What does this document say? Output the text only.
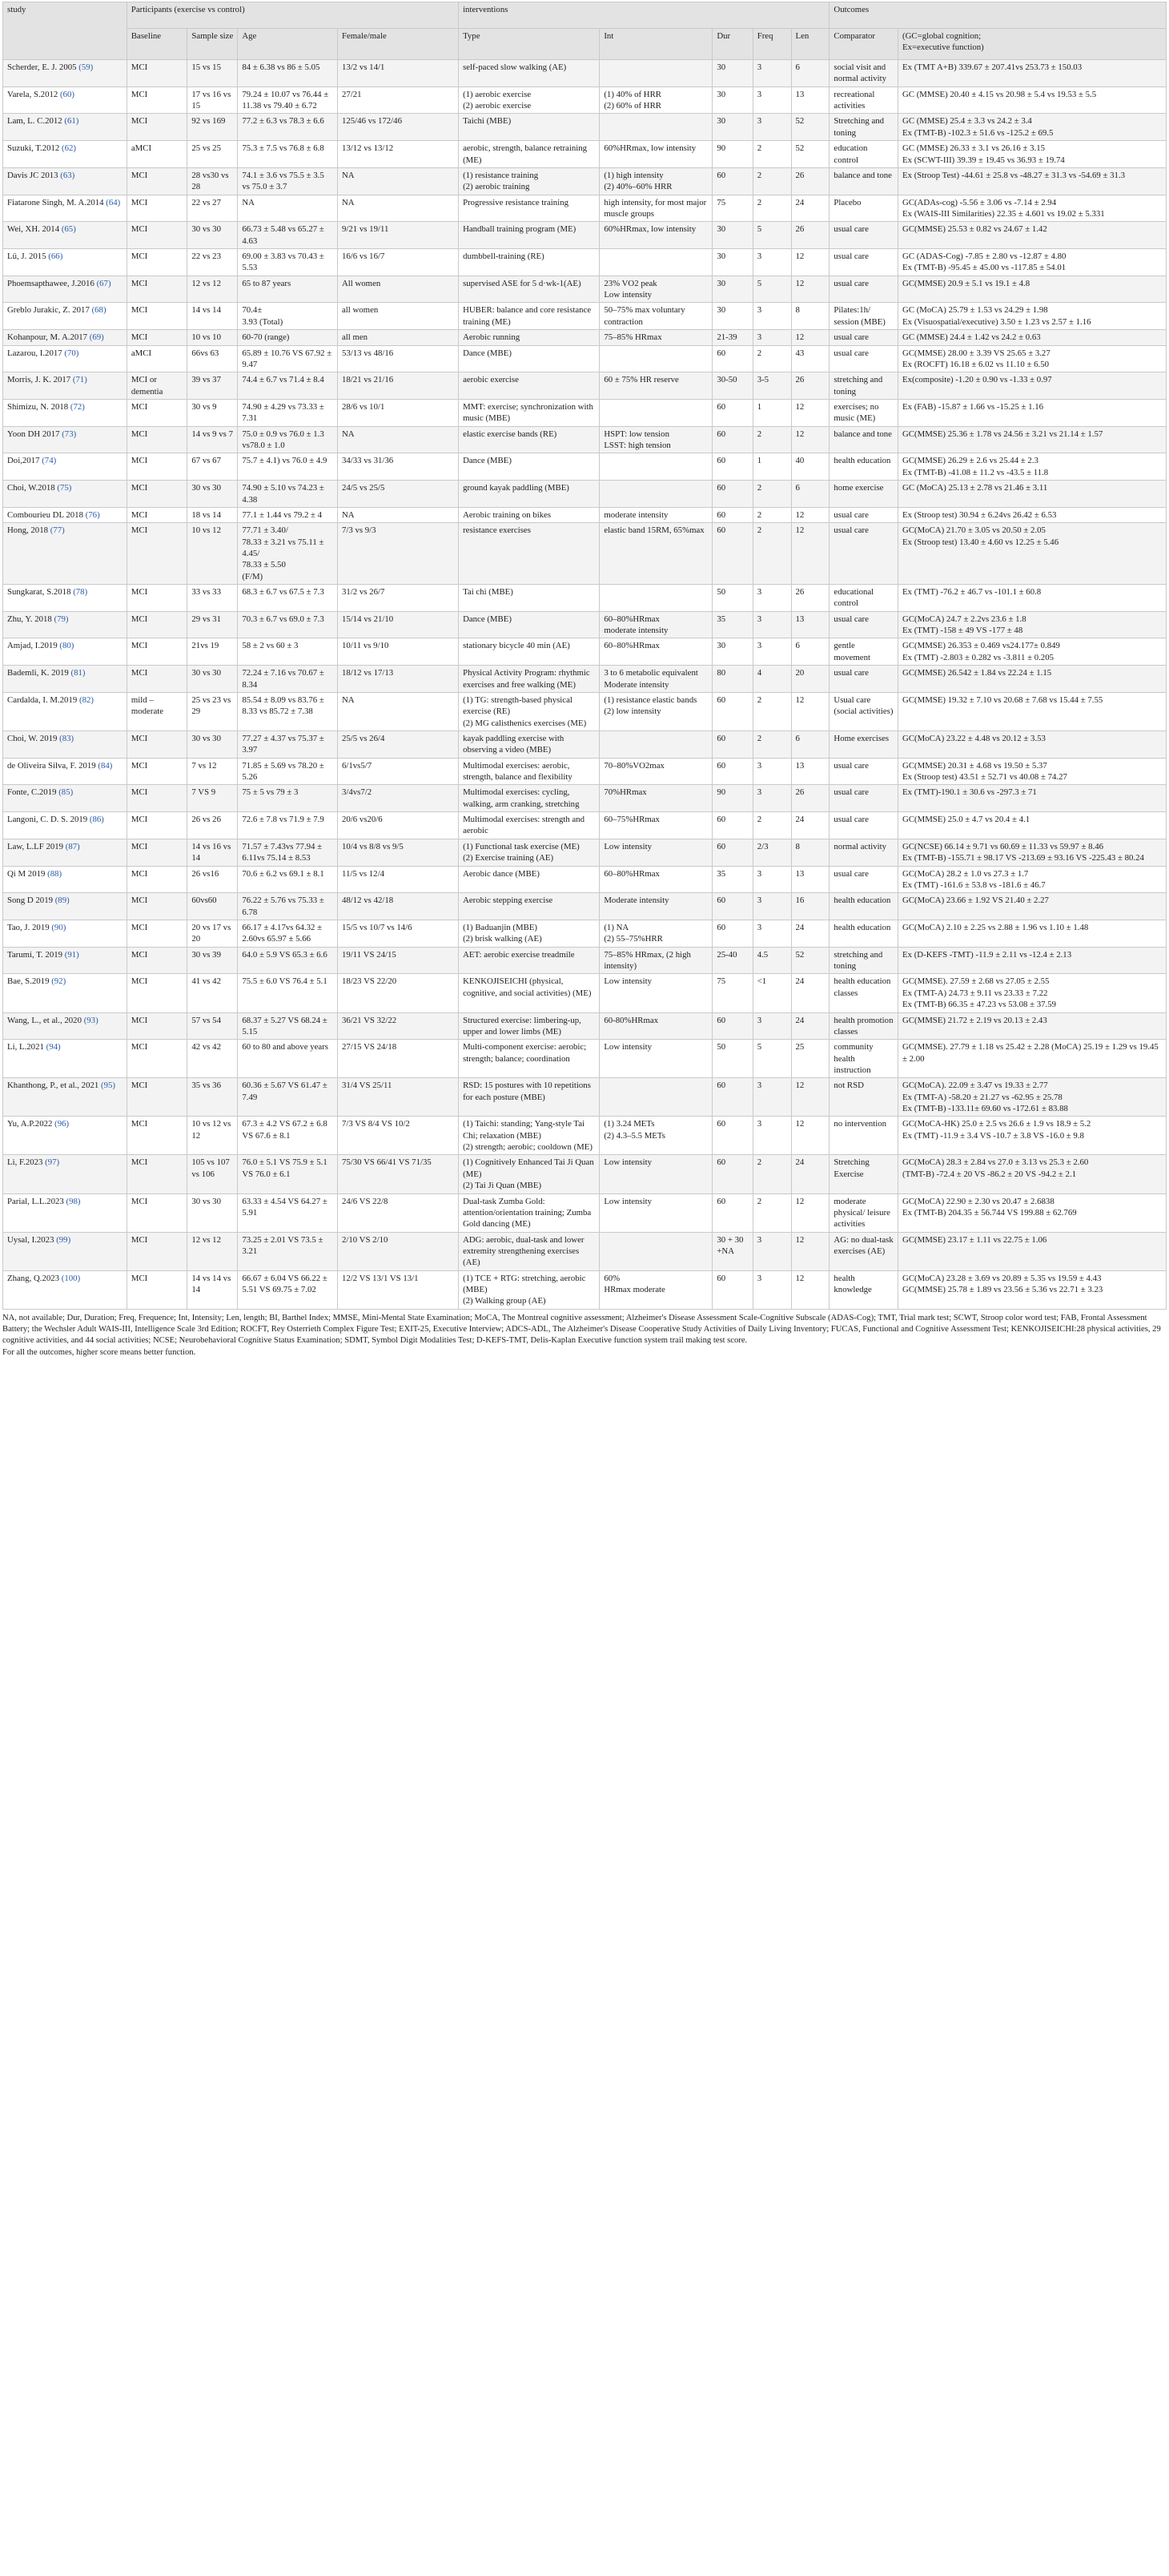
study	Participants (exercise vs control)				interventions					Outcomes	
	Baseline	Sample size	Age	Female/male	Type	Int	Dur	Freq	Len	Comparator	(GC=global cognition;
Ex=executive function)
Scherder, E. J. 2005 (59)	MCI	15 vs 15	84 ± 6.38 vs 86 ± 5.05	13/2 vs 14/1	self-paced slow walking (AE)		30	3	6	social visit and normal activity	Ex (TMT A+B) 339.67 ± 207.41vs 253.73 ± 150.03
Varela, S.2012 (60)	MCI	17 vs 16 vs 15	79.24 ± 10.07 vs 76.44 ± 11.38 vs 79.40 ± 6.72	27/21	(1) aerobic exercise
(2) aerobic exercise	(1) 40% of HRR
(2) 60% of HRR	30	3	13	recreational activities	GC (MMSE) 20.40 ± 4.15 vs 20.98 ± 5.4 vs 19.53 ± 5.5
Lam, L. C.2012 (61)	MCI	92 vs 169	77.2 ± 6.3 vs 78.3 ± 6.6	125/46 vs 172/46	Taichi (MBE)		30	3	52	Stretching and toning	GC (MMSE) 25.4 ± 3.3 vs 24.2 ± 3.4
Ex (TMT-B) -102.3 ± 51.6 vs -125.2 ± 69.5
Suzuki, T.2012 (62)	aMCI	25 vs 25	75.3 ± 7.5 vs 76.8 ± 6.8	13/12 vs 13/12	aerobic, strength, balance retraining (ME)	60%HRmax, low intensity	90	2	52	education control	GC (MMSE) 26.33 ± 3.1 vs 26.16 ± 3.15
Ex (SCWT-III) 39.39 ± 19.45 vs 36.93 ± 19.74
Davis JC 2013 (63)	MCI	28 vs30 vs 28	74.1 ± 3.6 vs 75.5 ± 3.5 vs 75.0 ± 3.7	NA	(1) resistance training
(2) aerobic training	(1) high intensity
(2) 40%–60% HRR	60	2	26	balance and tone	Ex (Stroop Test) -44.61 ± 25.8 vs -48.27 ± 31.3 vs -54.69 ± 31.3
Fiatarone Singh, M. A.2014 (64)	MCI	22 vs 27	NA	NA	Progressive resistance training	high intensity, for most major muscle groups	75	2	24	Placebo	GC(ADAs-cog) -5.56 ± 3.06 vs -7.14 ± 2.94
Ex (WAIS-III Similarities) 22.35 ± 4.601 vs 19.02 ± 5.331
Wei, XH. 2014 (65)	MCI	30 vs 30	66.73 ± 5.48 vs 65.27 ± 4.63	9/21 vs 19/11	Handball training program (ME)	60%HRmax, low intensity	30	5	26	usual care	GC(MMSE) 25.53 ± 0.82 vs 24.67 ± 1.42
Lü, J. 2015 (66)	MCI	22 vs 23	69.00 ± 3.83 vs 70.43 ± 5.53	16/6 vs 16/7	dumbbell-training (RE)		30	3	12	usual care	GC (ADAS-Cog) -7.85 ± 2.80 vs -12.87 ± 4.80
Ex (TMT-B) -95.45 ± 45.00 vs -117.85 ± 54.01
Phoemsapthawee, J.2016 (67)	MCI	12 vs 12	65 to 87 years	All women	supervised ASE for 5 d·wk-1(AE)	23% VO2 peak
Low intensity	30	5	12	usual care	GC(MMSE) 20.9 ± 5.1 vs 19.1 ± 4.8
Greblo Jurakic, Z. 2017 (68)	MCI	14 vs 14	70.4±
3.93 (Total)	all women	HUBER: balance and core resistance training (ME)	50–75% max voluntary contraction	30	3	8	Pilates:1h/ session (MBE)	GC (MoCA) 25.79 ± 1.53 vs 24.29 ± 1.98
Ex (Visuospatial/executive) 3.50 ± 1.23 vs 2.57 ± 1.16
Kohanpour, M. A.2017 (69)	MCI	10 vs 10	60-70 (range)	all men	Aerobic running	75–85% HRmax	21-39	3	12	usual care	GC (MMSE) 24.4 ± 1.42 vs 24.2 ± 0.63
Lazarou, I.2017 (70)	aMCI	66vs 63	65.89 ± 10.76 VS 67.92 ± 9.47	53/13 vs 48/16	Dance (MBE)		60	2	43	usual care	GC(MMSE) 28.00 ± 3.39 VS 25.65 ± 3.27
Ex (ROCFT) 16.18 ± 6.02 vs 11.10 ± 6.50
Morris, J. K. 2017 (71)	MCI or dementia	39 vs 37	74.4 ± 6.7 vs 71.4 ± 8.4	18/21 vs 21/16	aerobic exercise	60 ± 75% HR reserve	30-50	3-5	26	stretching and toning	Ex(composite) -1.20 ± 0.90 vs -1.33 ± 0.97
Shimizu, N. 2018 (72)	MCI	30 vs 9	74.90 ± 4.29 vs 73.33 ± 7.31	28/6 vs 10/1	MMT: exercise; synchronization with music (MBE)		60	1	12	exercises; no music (ME)	Ex (FAB) -15.87 ± 1.66 vs -15.25 ± 1.16
Yoon DH 2017 (73)	MCI	14 vs 9 vs 7	75.0 ± 0.9 vs 76.0 ± 1.3 vs78.0 ± 1.0	NA	elastic exercise bands (RE)	HSPT: low tension
LSST: high tension	60	2	12	balance and tone	GC(MMSE) 25.36 ± 1.78 vs 24.56 ± 3.21 vs 21.14 ± 1.57
Doi,2017 (74)	MCI	67 vs 67	75.7 ± 4.1) vs 76.0 ± 4.9	34/33 vs 31/36	Dance (MBE)		60	1	40	health education	GC(MMSE) 26.29 ± 2.6 vs 25.44 ± 2.3
Ex (TMT-B) -41.08 ± 11.2 vs -43.5 ± 11.8
Choi, W.2018 (75)	MCI	30 vs 30	74.90 ± 5.10 vs 74.23 ± 4.38	24/5 vs 25/5	ground kayak paddling (MBE)		60	2	6	home exercise	GC (MoCA) 25.13 ± 2.78 vs 21.46 ± 3.11
Combourieu DL 2018 (76)	MCI	18 vs 14	77.1 ± 1.44 vs 79.2 ± 4	NA	Aerobic training on bikes	moderate intensity	60	2	12	usual care	Ex (Stroop test) 30.94 ± 6.24vs 26.42 ± 6.53
Hong, 2018 (77)	MCI	10 vs 12	77.71 ± 3.40/
78.33 ± 3.21 vs 75.11 ± 4.45/
78.33 ± 5.50
(F/M)	7/3 vs 9/3	resistance exercises	elastic band 15RM, 65%max	60	2	12	usual care	GC(MoCA) 21.70 ± 3.05 vs 20.50 ± 2.05
Ex (Stroop test) 13.40 ± 4.60 vs 12.25 ± 5.46
Sungkarat, S.2018 (78)	MCI	33 vs 33	68.3 ± 6.7 vs 67.5 ± 7.3	31/2 vs 26/7	Tai chi (MBE)		50	3	26	educational control	Ex (TMT) -76.2 ± 46.7 vs -101.1 ± 60.8
Zhu, Y. 2018 (79)	MCI	29 vs 31	70.3 ± 6.7 vs 69.0 ± 7.3	15/14 vs 21/10	Dance (MBE)	60–80%HRmax
moderate intensity	35	3	13	usual care	GC(MoCA) 24.7 ± 2.2vs 23.6 ± 1.8
Ex (TMT) -158 ± 49 VS -177 ± 48
Amjad, I.2019 (80)	MCI	21vs 19	58 ± 2 vs 60 ± 3	10/11 vs 9/10	stationary bicycle 40 min (AE)	60–80%HRmax	30	3	6	gentle movement	GC(MMSE) 26.353 ± 0.469 vs24.177± 0.849
Ex (TMT) -2.803 ± 0.282 vs -3.811 ± 0.205
Bademli, K. 2019 (81)	MCI	30 vs 30	72.24 ± 7.16 vs 70.67 ± 8.34	18/12 vs 17/13	Physical Activity Program: rhythmic exercises and free walking (ME)	3 to 6 metabolic equivalent
Moderate intensity	80	4	20	usual care	GC(MMSE) 26.542 ± 1.84 vs 22.24 ± 1.15
Cardalda, I. M.2019 (82)	mild – moderate	25 vs 23 vs 29	85.54 ± 8.09 vs 83.76 ± 8.33 vs 85.72 ± 7.38	NA	(1) TG: strength-based physical exercise (RE)
(2) MG calisthenics exercises (ME)	(1) resistance elastic bands
(2) low intensity	60	2	12	Usual care (social activities)	GC(MMSE) 19.32 ± 7.10 vs 20.68 ± 7.68 vs 15.44 ± 7.55
Choi, W. 2019 (83)	MCI	30 vs 30	77.27 ± 4.37 vs 75.37 ± 3.97	25/5 vs 26/4	kayak paddling exercise with observing a video (MBE)		60	2	6	Home exercises	GC(MoCA) 23.22 ± 4.48 vs 20.12 ± 3.53
de Oliveira Silva, F. 2019 (84)	MCI	7 vs 12	71.85 ± 5.69 vs 78.20 ± 5.26	6/1vs5/7	Multimodal exercises: aerobic, strength, balance and flexibility	70–80%VO2max	60	3	13	usual care	GC(MMSE) 20.31 ± 4.68 vs 19.50 ± 5.37
Ex (Stroop test) 43.51 ± 52.71 vs 40.08 ± 74.27
Fonte, C.2019 (85)	MCI	7 VS 9	75 ± 5 vs 79 ± 3	3/4vs7/2	Multimodal exercises: cycling, walking, arm cranking, stretching	70%HRmax	90	3	26	usual care	Ex (TMT)-190.1 ± 30.6 vs -297.3 ± 71
Langoni, C. D. S. 2019 (86)	MCI	26 vs 26	72.6 ± 7.8 vs 71.9 ± 7.9	20/6 vs20/6	Multimodal exercises: strength and aerobic	60–75%HRmax	60	2	24	usual care	GC(MMSE) 25.0 ± 4.7 vs 20.4 ± 4.1
Law, L.LF 2019 (87)	MCI	14 vs 16 vs 14	71.57 ± 7.43vs 77.94 ± 6.11vs 75.14 ± 8.53	10/4 vs 8/8 vs 9/5	(1) Functional task exercise (ME)
(2) Exercise training (AE)	Low intensity	60	2/3	8	normal activity	GC(NCSE) 66.14 ± 9.71 vs 60.69 ± 11.33 vs 59.97 ± 8.46
Ex (TMT-B) -155.71 ± 98.17 VS -213.69 ± 93.16 VS -225.43 ± 80.24
Qi M 2019 (88)	MCI	26 vs16	70.6 ± 6.2 vs 69.1 ± 8.1	11/5 vs 12/4	Aerobic dance (MBE)	60–80%HRmax	35	3	13	usual care	GC(MoCA) 28.2 ± 1.0 vs 27.3 ± 1.7
Ex (TMT) -161.6 ± 53.8 vs -181.6 ± 46.7
Song D 2019 (89)	MCI	60vs60	76.22 ± 5.76 vs 75.33 ± 6.78	48/12 vs 42/18	Aerobic stepping exercise	Moderate intensity	60	3	16	health education	GC(MoCA) 23.66 ± 1.92 VS 21.40 ± 2.27
Tao, J. 2019 (90)	MCI	20 vs 17 vs 20	66.17 ± 4.17vs 64.32 ± 2.60vs 65.97 ± 5.66	15/5 vs 10/7 vs 14/6	(1) Baduanjin (MBE)
(2) brisk walking (AE)	(1) NA
(2) 55–75%HRR	60	3	24	health education	GC(MoCA) 2.10 ± 2.25 vs 2.88 ± 1.96 vs 1.10 ± 1.48
Tarumi, T. 2019 (91)	MCI	30 vs 39	64.0 ± 5.9 VS 65.3 ± 6.6	19/11 VS 24/15	AET: aerobic exercise treadmile	75–85% HRmax, (2 high intensity)	25-40	4.5	52	stretching and toning	Ex (D-KEFS -TMT) -11.9 ± 2.11 vs -12.4 ± 2.13
Bae, S.2019 (92)	MCI	41 vs 42	75.5 ± 6.0 VS 76.4 ± 5.1	18/23 VS 22/20	KENKOJISEICHI (physical, cognitive, and social activities) (ME)	Low intensity	75	<1	24	health education classes	GC(MMSE). 27.59 ± 2.68 vs 27.05 ± 2.55
Ex (TMT-A) 24.73 ± 9.11 vs 23.33 ± 7.22
Ex (TMT-B) 66.35 ± 47.23 vs 53.08 ± 37.59
Wang, L., et al., 2020 (93)	MCI	57 vs 54	68.37 ± 5.27 VS 68.24 ± 5.15	36/21 VS 32/22	Structured exercise: limbering-up, upper and lower limbs (ME)	60-80%HRmax	60	3	24	health promotion classes	GC(MMSE) 21.72 ± 2.19 vs 20.13 ± 2.43
Li, L.2021 (94)	MCI	42 vs 42	60 to 80 and above years	27/15 VS 24/18	Multi-component exercise: aerobic; strength; balance; coordination	Low intensity	50	5	25	community health instruction	GC(MMSE). 27.79 ± 1.18 vs 25.42 ± 2.28 (MoCA) 25.19 ± 1.29 vs 19.45 ± 2.00
Khanthong, P., et al., 2021 (95)	MCI	35 vs 36	60.36 ± 5.67 VS 61.47 ± 7.49	31/4 VS 25/11	RSD: 15 postures with 10 repetitions for each posture (MBE)		60	3	12	not RSD	GC(MoCA). 22.09 ± 3.47 vs 19.33 ± 2.77
Ex (TMT-A) -58.20 ± 21.27 vs -62.95 ± 25.78
Ex (TMT-B) -133.11± 69.60 vs -172.61 ± 83.88
Yu, A.P.2022 (96)	MCI	10 vs 12 vs 12	67.3 ± 4.2 VS 67.2 ± 6.8 VS 67.6 ± 8.1	7/3 VS 8/4 VS 10/2	(1) Taichi: standing; Yang-style Tai Chi; relaxation (MBE)
(2) strength; aerobic; cooldown (ME)	(1) 3.24 METs
(2) 4.3–5.5 METs	60	3	12	no intervention	GC(MoCA-HK) 25.0 ± 2.5 vs 26.6 ± 1.9 vs 18.9 ± 5.2
Ex (TMT) -11.9 ± 3.4 VS -10.7 ± 3.8 VS -16.0 ± 9.8
Li, F.2023 (97)	MCI	105 vs 107 vs 106	76.0 ± 5.1 VS 75.9 ± 5.1 VS 76.0 ± 6.1	75/30 VS 66/41 VS 71/35	(1) Cognitively Enhanced Tai Ji Quan (ME)
(2) Tai Ji Quan (MBE)	Low intensity	60	2	24	Stretching Exercise	GC(MoCA) 28.3 ± 2.84 vs 27.0 ± 3.13 vs 25.3 ± 2.60
(TMT-B) -72.4 ± 20 VS -86.2 ± 20 VS -94.2 ± 2.1
Parial, L.L.2023 (98)	MCI	30 vs 30	63.33 ± 4.54 VS 64.27 ± 5.91	24/6 VS 22/8	Dual-task Zumba Gold: attention/orientation training; Zumba Gold dancing (ME)	Low intensity	60	2	12	moderate physical/ leisure activities	GC(MoCA) 22.90 ± 2.30 vs 20.47 ± 2.6838
Ex (TMT-B) 204.35 ± 56.744 VS 199.88 ± 62.769
Uysal, I.2023 (99)	MCI	12 vs 12	73.25 ± 2.01 VS 73.5 ± 3.21	2/10 VS 2/10	ADG: aerobic, dual-task and lower extremity strengthening exercises (AE)		30 + 30 +NA	3	12	AG: no dual-task exercises (AE)	GC(MMSE) 23.17 ± 1.11 vs 22.75 ± 1.06
Zhang, Q.2023 (100)	MCI	14 vs 14 vs 14	66.67 ± 6.04 VS 66.22 ± 5.51 VS 69.75 ± 7.02	12/2 VS 13/1 VS 13/1	(1) TCE + RTG: stretching, aerobic (MBE)
(2) Walking group (AE)	60%
HRmax moderate	60	3	12	health knowledge	GC(MoCA) 23.28 ± 3.69 vs 20.89 ± 5.35 vs 19.59 ± 4.43
GC(MMSE) 25.78 ± 1.89 vs 23.56 ± 5.36 vs 22.71 ± 3.23

NA, not available; Dur, Duration; Freq, Frequence; Int, Intensity; Len, length; BI, Barthel Index; MMSE, Mini-Mental State Examination; MoCA, The Montreal cognitive assessment; Alzheimer's Disease Assessment Scale-Cognitive Subscale (ADAS-Cog); TMT, Trial mark test; SCWT, Stroop color word test; FAB, Frontal Assessment Battery; the Wechsler Adult WAIS-III, Intelligence Scale 3rd Edition; ROCFT, Rey Osterrieth Complex Figure Test; EXIT-25, Executive Interview; ADCS-ADL, The Alzheimer's Disease Cooperative Study Activities of Daily Living Inventory; FUCAS, Functional and Cognitive Assessment Test; KENKOJISEICHI:28 physical activities, 29 cognitive activities, and 44 social activities; NCSE; Neurobehavioral Cognitive Status Examination; SDMT, Symbol Digit Modalities Test; D-KEFS-TMT, Delis-Kaplan Executive function system trail making test score.

For all the outcomes, higher score means better function.
